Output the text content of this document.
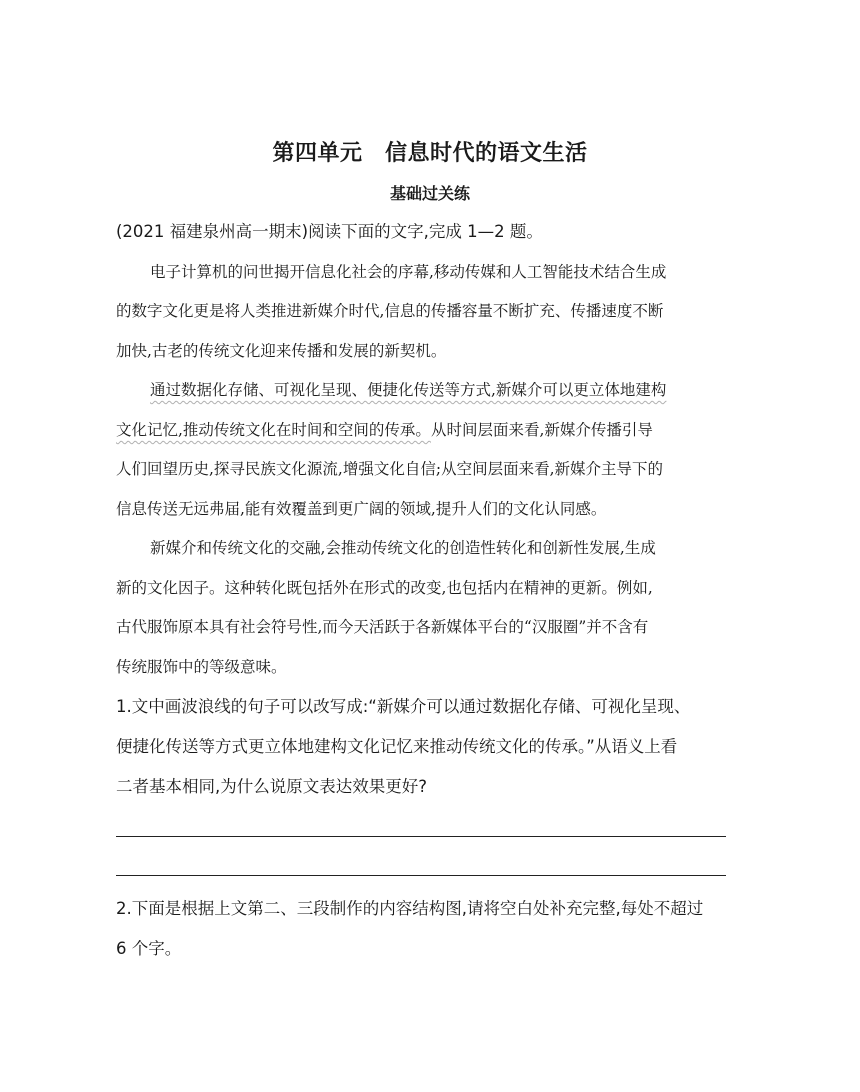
第四单元　信息时代的语文生活
基础过关练
(2021 福建泉州高一期末)阅读下面的文字,完成 1—2 题。
电子计算机的问世揭开信息化社会的序幕,移动传媒和人工智能技术结合生成
的数字文化更是将人类推进新媒介时代,信息的传播容量不断扩充、传播速度不断
加快,古老的传统文化迎来传播和发展的新契机。
通过数据化存储、可视化呈现、便捷化传送等方式,新媒介可以更立体地建构
文化记忆,推动传统文化在时间和空间的传承。从时间层面来看,新媒介传播引导
人们回望历史,探寻民族文化源流,增强文化自信;从空间层面来看,新媒介主导下的
信息传送无远弗届,能有效覆盖到更广阔的领域,提升人们的文化认同感。
新媒介和传统文化的交融,会推动传统文化的创造性转化和创新性发展,生成
新的文化因子。这种转化既包括外在形式的改变,也包括内在精神的更新。例如,
古代服饰原本具有社会符号性,而今天活跃于各新媒体平台的“汉服圈”并不含有
传统服饰中的等级意味。
1.文中画波浪线的句子可以改写成:“新媒介可以通过数据化存储、可视化呈现、
便捷化传送等方式更立体地建构文化记忆来推动传统文化的传承。”从语义上看
二者基本相同,为什么说原文表达效果更好?
2.下面是根据上文第二、三段制作的内容结构图,请将空白处补充完整,每处不超过
6 个字。
